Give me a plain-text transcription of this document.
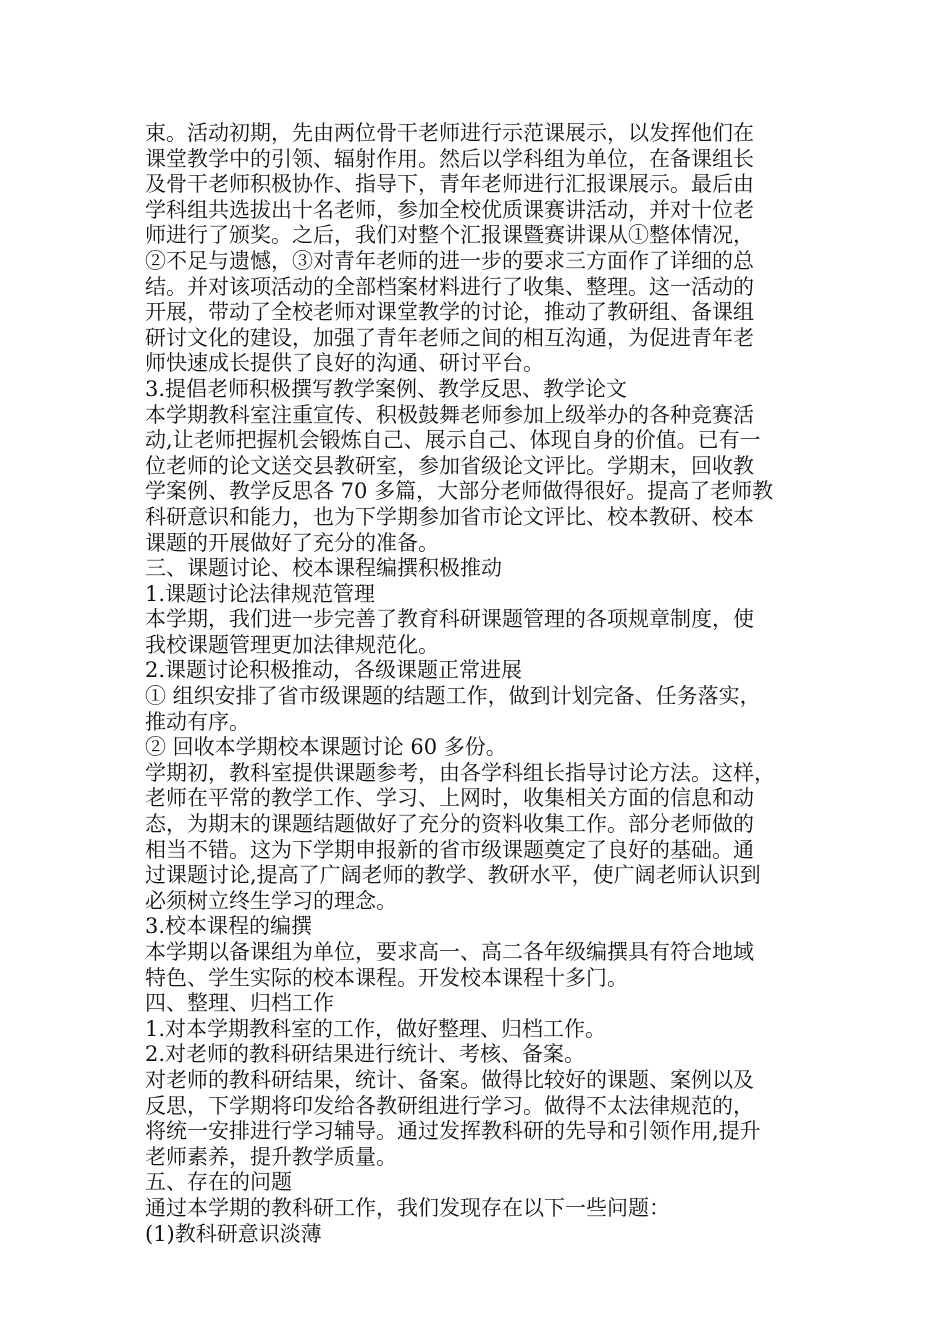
束。活动初期，先由两位骨干老师进行示范课展示，以发挥他们在
课堂教学中的引领、辐射作用。然后以学科组为单位，在备课组长
及骨干老师积极协作、指导下，青年老师进行汇报课展示。最后由
学科组共选拔出十名老师，参加全校优质课赛讲活动，并对十位老
师进行了颁奖。之后，我们对整个汇报课暨赛讲课从①整体情况，
②不足与遗憾，③对青年老师的进一步的要求三方面作了详细的总
结。并对该项活动的全部档案材料进行了收集、整理。这一活动的
开展，带动了全校老师对课堂教学的讨论，推动了教研组、备课组
研讨文化的建设，加强了青年老师之间的相互沟通，为促进青年老
师快速成长提供了良好的沟通、研讨平台。
3.提倡老师积极撰写教学案例、教学反思、教学论文
本学期教科室注重宣传、积极鼓舞老师参加上级举办的各种竞赛活
动,让老师把握机会锻炼自己、展示自己、体现自身的价值。已有一
位老师的论文送交县教研室，参加省级论文评比。学期末，回收教
学案例、教学反思各 70 多篇，大部分老师做得很好。提高了老师教
科研意识和能力，也为下学期参加省市论文评比、校本教研、校本
课题的开展做好了充分的准备。
三、课题讨论、校本课程编撰积极推动
1.课题讨论法律规范管理
本学期，我们进一步完善了教育科研课题管理的各项规章制度，使
我校课题管理更加法律规范化。
2.课题讨论积极推动，各级课题正常进展
① 组织安排了省市级课题的结题工作，做到计划完备、任务落实，
推动有序。
② 回收本学期校本课题讨论 60 多份。
学期初，教科室提供课题参考，由各学科组长指导讨论方法。这样，
老师在平常的教学工作、学习、上网时，收集相关方面的信息和动
态，为期末的课题结题做好了充分的资料收集工作。部分老师做的
相当不错。这为下学期申报新的省市级课题奠定了良好的基础。通
过课题讨论,提高了广阔老师的教学、教研水平，使广阔老师认识到
必须树立终生学习的理念。
3.校本课程的编撰
本学期以备课组为单位，要求高一、高二各年级编撰具有符合地域
特色、学生实际的校本课程。开发校本课程十多门。
四、整理、归档工作
1.对本学期教科室的工作，做好整理、归档工作。
2.对老师的教科研结果进行统计、考核、备案。
对老师的教科研结果，统计、备案。做得比较好的课题、案例以及
反思，下学期将印发给各教研组进行学习。做得不太法律规范的，
将统一安排进行学习辅导。通过发挥教科研的先导和引领作用,提升
老师素养，提升教学质量。
五、存在的问题
通过本学期的教科研工作，我们发现存在以下一些问题：
(1)教科研意识淡薄
